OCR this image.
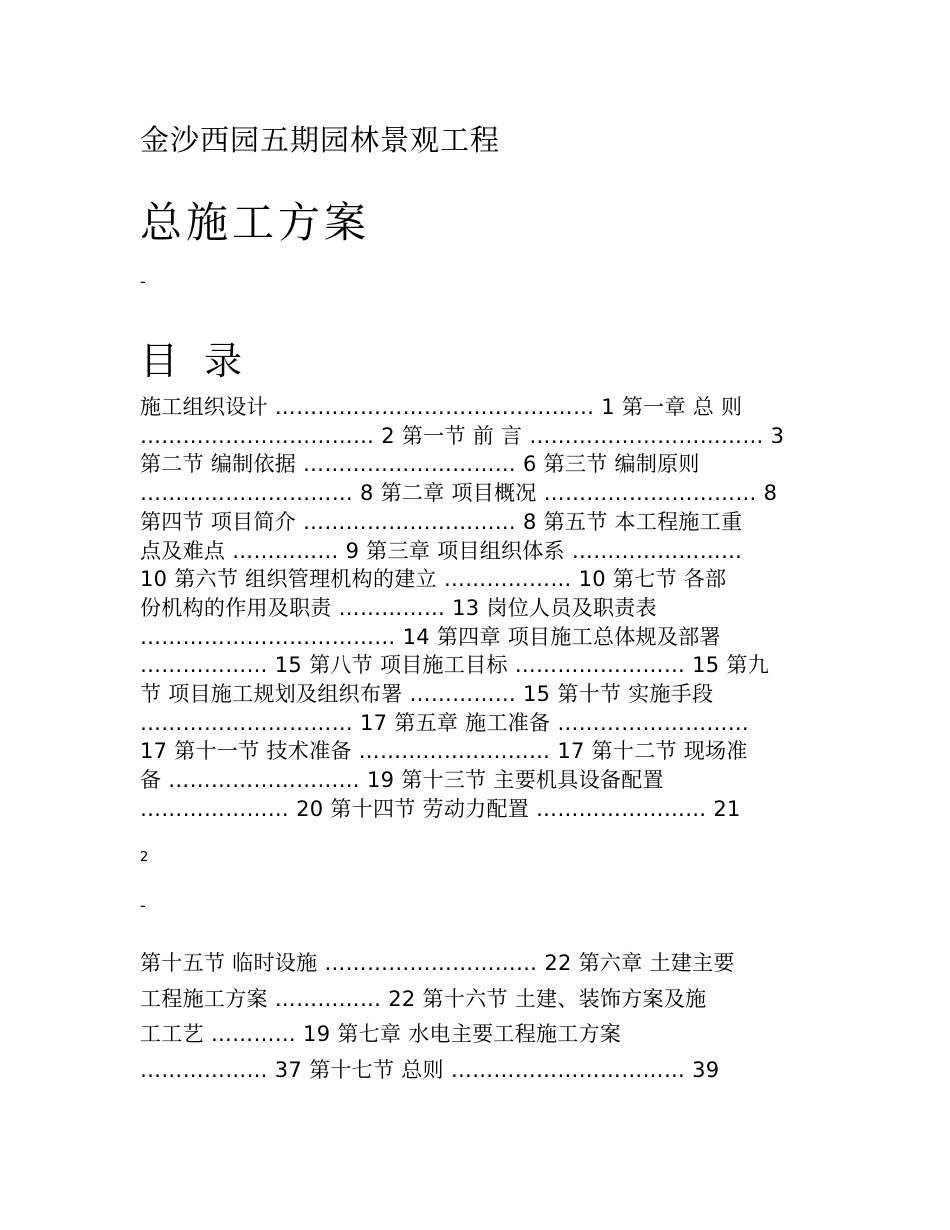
金沙西园五期园林景观工程
总施工方案
-
目 录
施工组织设计 ……………………………………… 1 第一章 总 则
…………………………… 2 第一节 前 言 …………………………… 3
第二节 编制依据 ………………………… 6 第三节 编制原则
………………………… 8 第二章 项目概况 ………………………… 8
第四节 项目简介 ………………………… 8 第五节 本工程施工重
点及难点 …………… 9 第三章 项目组织体系 ……………………
10 第六节 组织管理机构的建立 ……………… 10 第七节 各部
份机构的作用及职责 …………… 13 岗位人员及职责表
……………………………… 14 第四章 项目施工总体规及部署
……………… 15 第八节 项目施工目标 …………………… 15 第九
节 项目施工规划及组织布署 …………… 15 第十节 实施手段
………………………… 17 第五章 施工准备 ………………………
17 第十一节 技术准备 ……………………… 17 第十二节 现场准
备 ……………………… 19 第十三节 主要机具设备配置
………………… 20 第十四节 劳动力配置 …………………… 21
2
-
第十五节 临时设施 ………………………… 22 第六章 土建主要
工程施工方案 …………… 22 第十六节 土建、装饰方案及施
工工艺 ………… 19 第七章 水电主要工程施工方案
……………… 37 第十七节 总则 …………………………… 39
